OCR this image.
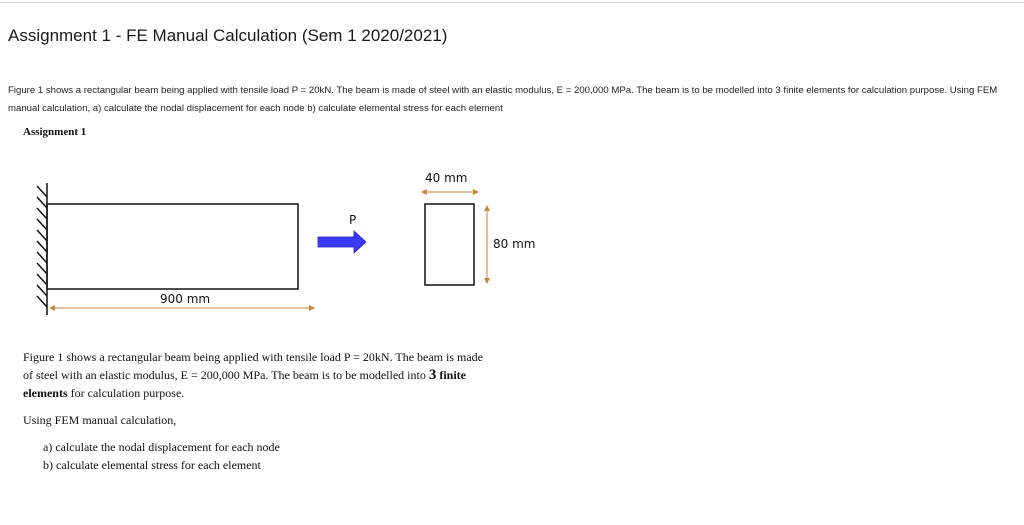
Assignment 1 - FE Manual Calculation (Sem 1 2020/2021)
Figure 1 shows a rectangular beam being applied with tensile load P = 20kN. The beam is made of steel with an elastic modulus, E = 200,000 MPa. The beam is to be modelled into 3 finite elements for calculation purpose. Using FEM manual calculation, a) calculate the nodal displacement for each node b) calculate elemental stress for each element
Assignment 1
P
900 mm
40 mm
80 mm

Figure 1 shows a rectangular beam being applied with tensile load P = 20kN. The beam is made

of steel with an elastic modulus, E = 200,000 MPa. The beam is to be modelled into 3 finite

elements for calculation purpose.

Using FEM manual calculation,

a) calculate the nodal displacement for each node

b) calculate elemental stress for each element
